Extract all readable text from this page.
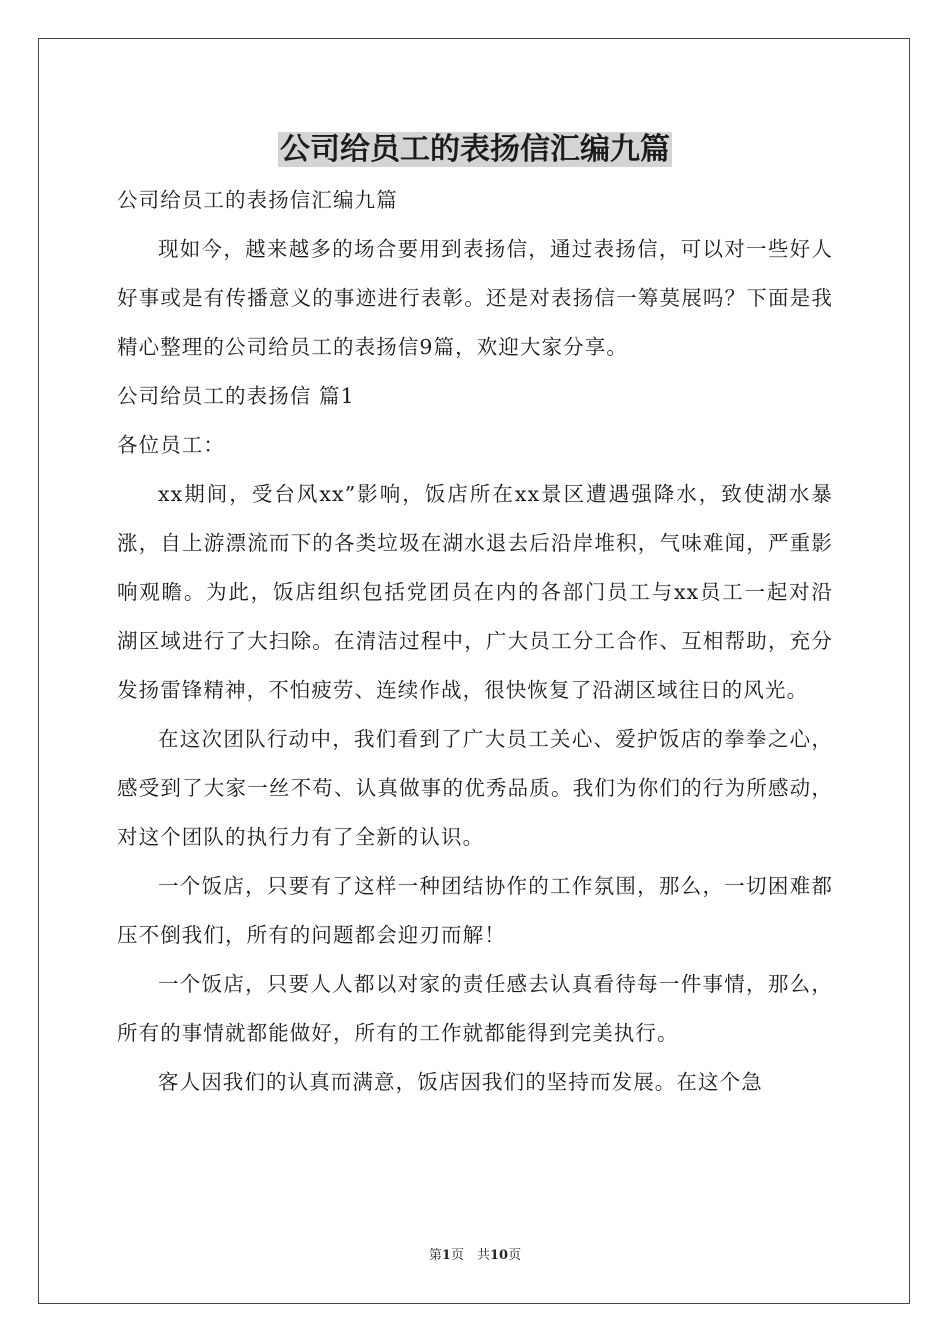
公司给员工的表扬信汇编九篇

公司给员工的表扬信汇编九篇

现如今，越来越多的场合要用到表扬信，通过表扬信，可以对一些好人好事或是有传播意义的事迹进行表彰。还是对表扬信一筹莫展吗？下面是我精心整理的公司给员工的表扬信9篇，欢迎大家分享。

公司给员工的表扬信 篇1

各位员工：

xx期间，受台风xx”影响，饭店所在xx景区遭遇强降水，致使湖水暴涨，自上游漂流而下的各类垃圾在湖水退去后沿岸堆积，气味难闻，严重影响观瞻。为此，饭店组织包括党团员在内的各部门员工与xx员工一起对沿湖区域进行了大扫除。在清洁过程中，广大员工分工合作、互相帮助，充分发扬雷锋精神，不怕疲劳、连续作战，很快恢复了沿湖区域往日的风光。

在这次团队行动中，我们看到了广大员工关心、爱护饭店的拳拳之心，感受到了大家一丝不苟、认真做事的优秀品质。我们为你们的行为所感动，对这个团队的执行力有了全新的认识。

一个饭店，只要有了这样一种团结协作的工作氛围，那么，一切困难都压不倒我们，所有的问题都会迎刃而解！

一个饭店，只要人人都以对家的责任感去认真看待每一件事情，那么，所有的事情就都能做好，所有的工作就都能得到完美执行。

客人因我们的认真而满意，饭店因我们的坚持而发展。在这个急

第1页　共10页
